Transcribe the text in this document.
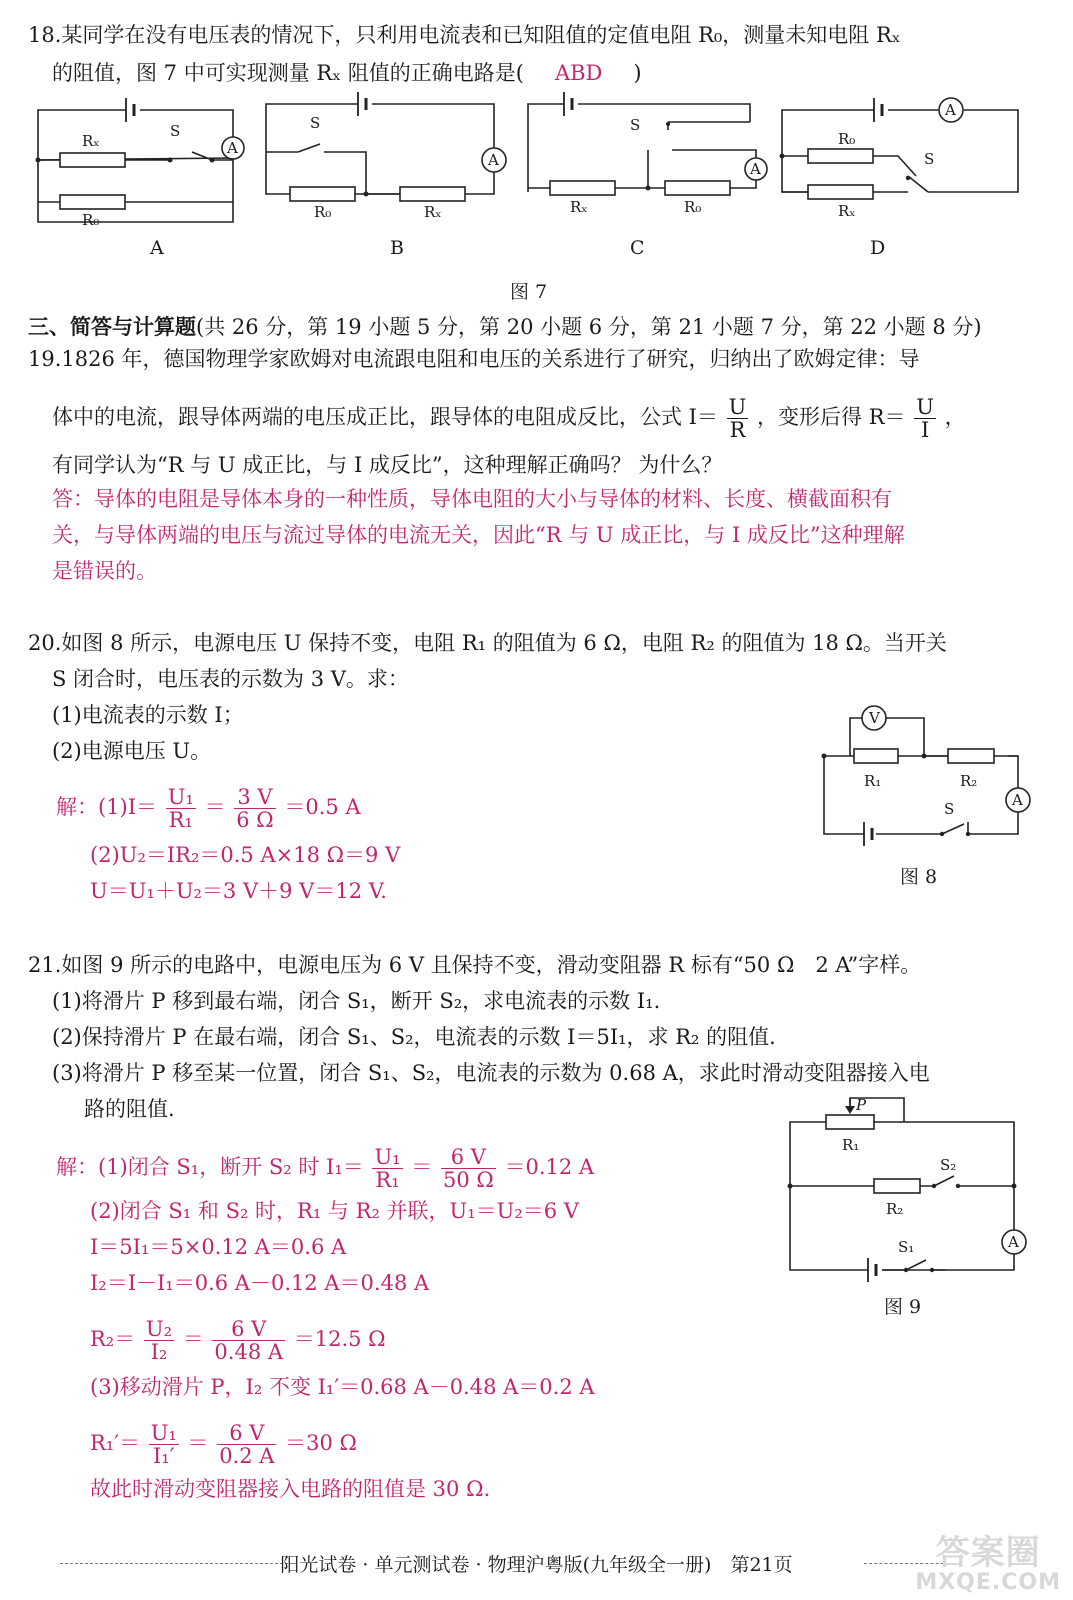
18.某同学在没有电压表的情况下，只利用电流表和已知阻值的定值电阻 R₀，测量未知电阻 Rₓ
的阻值，图 7 中可实现测量 Rₓ 阻值的正确电路是( ABD )
A
Rₓ
R₀
S
A
A
S
R₀	Rₓ
B
A
S
Rₓ	R₀
C
A
R₀
Rₓ
S
D
图 7
三、简答与计算题(共 26 分，第 19 小题 5 分，第 20 小题 6 分，第 21 小题 7 分，第 22 小题 8 分)
19.1826 年，德国物理学家欧姆对电流跟电阻和电压的关系进行了研究，归纳出了欧姆定律：导
体中的电流，跟导体两端的电压成正比，跟导体的电阻成反比，公式 $I= \frac{U}{R}$ ，变形后得 $R= \frac{U}{I}$ ，
有同学认为“R 与 U 成正比，与 I 成反比”，这种理解正确吗？ 为什么？
答：导体的电阻是导体本身的一种性质，导体电阻的大小与导体的材料、长度、横截面积有
关，与导体两端的电压与流过导体的电流无关，因此“R 与 U 成正比，与 I 成反比”这种理解
是错误的。
20.如图 8 所示，电源电压 U 保持不变，电阻 R₁ 的阻值为 6 Ω，电阻 R₂ 的阻值为 18 Ω。当开关
S 闭合时，电压表的示数为 3 V。求：
(1)电流表的示数 I；
(2)电源电压 U。
解：$(1)I= \frac{\text{U₁}}{\text{R₁}} = \frac{3 V}{6 \Omega} =0.5$ A
(2)U₂＝IR₂＝0.5 A×18 Ω＝9 V
U＝U₁＋U₂＝3 V＋9 V＝12 V.
V
A
R₁	R₂
S
图 8
21.如图 9 所示的电路中，电源电压为 6 V 且保持不变，滑动变阻器 R 标有“50 Ω　2 A”字样。
(1)将滑片 P 移到最右端，闭合 S₁，断开 S₂，求电流表的示数 I₁.
(2)保持滑片 P 在最右端，闭合 S₁、S₂，电流表的示数 I＝5I₁，求 R₂ 的阻值.
(3)将滑片 P 移至某一位置，闭合 S₁、S₂，电流表的示数为 0.68 A，求此时滑动变阻器接入电
路的阻值.
解：(1)闭合 S₁，断开 S₂ 时 $I_1= \frac{\text{U₁}}{\text{R₁}} = \frac{6 V}{50 \Omega} =0.12$ A
(2)闭合 S₁ 和 S₂ 时，R₁ 与 R₂ 并联，U₁＝U₂＝6 V
I＝5I₁＝5×0.12 A＝0.6 A
I₂＝I－I₁＝0.6 A－0.12 A＝0.48 A
$R_2= \frac{\text{U₂}}{\text{I₂}} = \frac{6 V}{0.48 A} =12.5$ Ω
(3)移动滑片 P，I₂ 不变 I₁′＝0.68 A－0.48 A＝0.2 A
$R_1'= \frac{\text{U₁}}{\text{I₁′}} = \frac{6 V}{0.2 A} =30$ Ω
故此时滑动变阻器接入电路的阻值是 30 Ω.
A
P
R₁
R₂
S₂
S₁
图 9
阳光试卷 · 单元测试卷 · 物理沪粤版(九年级全一册)　第21页	答案圈
MXQE.COM
